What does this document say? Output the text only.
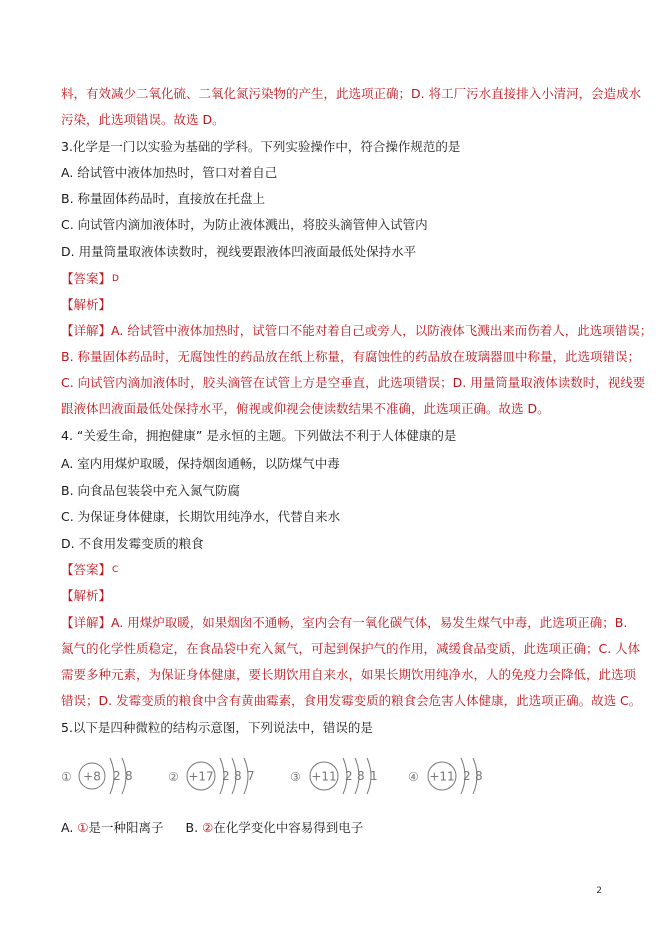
料，有效减少二氧化硫、二氧化氮污染物的产生，此选项正确；D. 将工厂污水直接排入小清河，会造成水
污染，此选项错误。故选 D。
3.化学是一门以实验为基础的学科。下列实验操作中，符合操作规范的是
A. 给试管中液体加热时，管口对着自己
B. 称量固体药品时，直接放在托盘上
C. 向试管内滴加液体时，为防止液体溅出，将胶头滴管伸入试管内
D. 用量筒量取液体读数时，视线要跟液体凹液面最低处保持水平
【答案】$^D$
【解析】
【详解】A. 给试管中液体加热时，试管口不能对着自己或旁人，以防液体飞溅出来而伤着人，此选项错误；
B. 称量固体药品时，无腐蚀性的药品放在纸上称量，有腐蚀性的药品放在玻璃器皿中称量，此选项错误；
C. 向试管内滴加液体时，胶头滴管在试管上方是空垂直，此选项错误；D. 用量筒量取液体读数时，视线要
跟液体凹液面最低处保持水平，俯视或仰视会使读数结果不准确，此选项正确。故选 D。
4. “关爱生命，拥抱健康” 是永恒的主题。下列做法不利于人体健康的是
A. 室内用煤炉取暖，保持烟囱通畅，以防煤气中毒
B. 向食品包装袋中充入氮气防腐
C. 为保证身体健康，长期饮用纯净水，代替自来水
D. 不食用发霉变质的粮食
【答案】$^C$
【解析】
【详解】A. 用煤炉取暖，如果烟囱不通畅，室内会有一氧化碳气体，易发生煤气中毒，此选项正确；B.
氮气的化学性质稳定，在食品袋中充入氮气，可起到保护气的作用，减缓食品变质，此选项正确；C. 人体
需要多种元素，为保证身体健康，要长期饮用自来水，如果长期饮用纯净水，人的免疫力会降低，此选项
错误；D. 发霉变质的粮食中含有黄曲霉素，食用发霉变质的粮食会危害人体健康，此选项正确。故选 C。
5.以下是四种微粒的结构示意图，下列说法中，错误的是
① +8 2 8	② +17 2 8 7	③ +11 2 8 1	④ +11 2 8
A. ①是一种阳离子 B. ②在化学变化中容易得到电子
2
